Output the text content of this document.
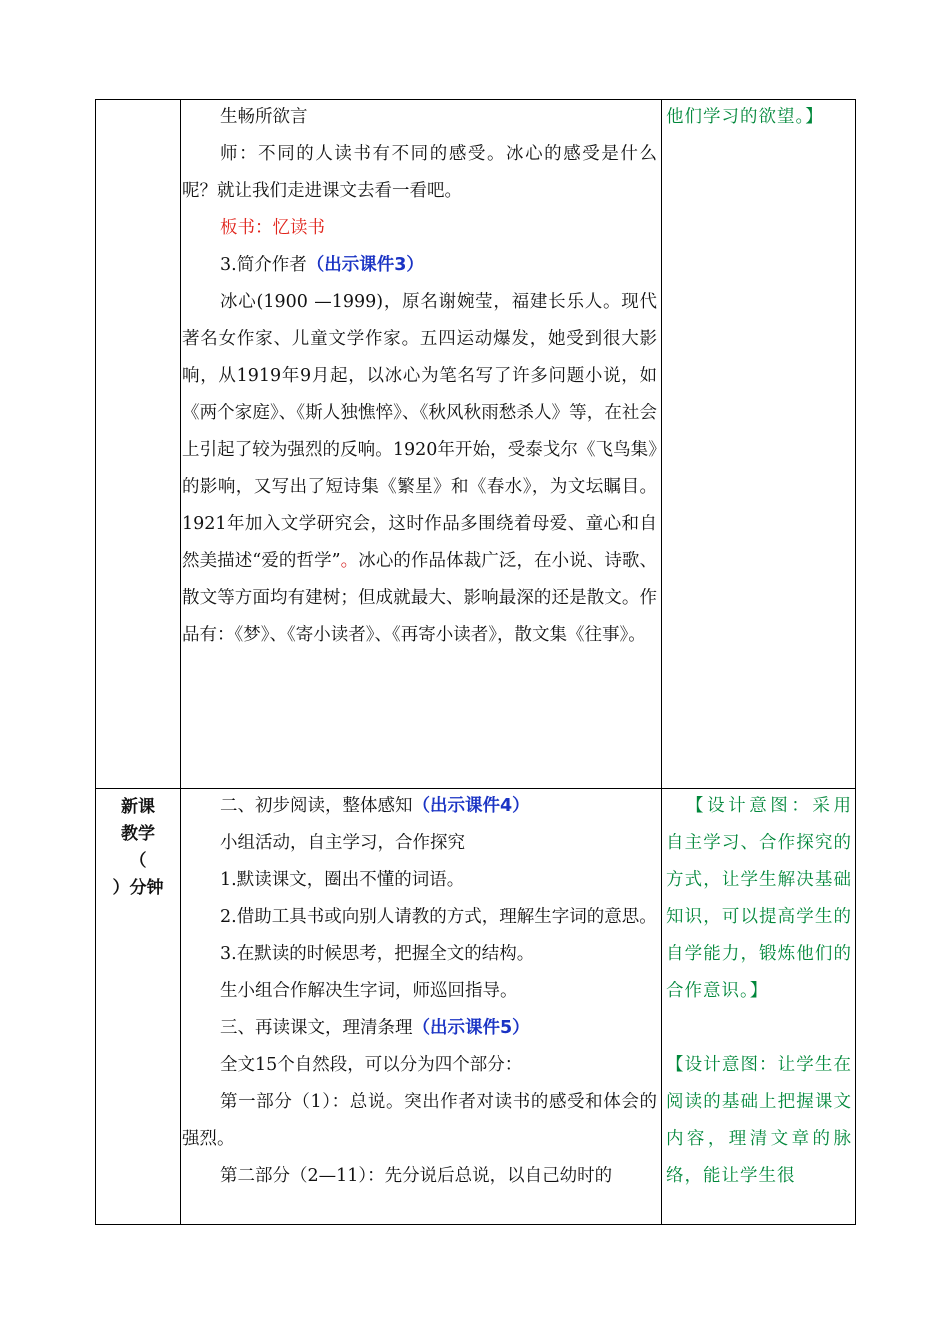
生畅所欲言

师：不同的人读书有不同的感受。冰心的感受是什么呢？就让我们走进课文去看一看吧。

板书：忆读书

3.简介作者（出示课件3）

冰心(1900 —1999)，原名谢婉莹，福建长乐人。现代著名女作家、儿童文学作家。五四运动爆发，她受到很大影响，从1919年9月起，以冰心为笔名写了许多问题小说，如《两个家庭》、《斯人独憔悴》、《秋风秋雨愁杀人》等，在社会上引起了较为强烈的反响。1920年开始，受泰戈尔《飞鸟集》的影响，又写出了短诗集《繁星》和《春水》，为文坛瞩目。1921年加入文学研究会，这时作品多围绕着母爱、童心和自然美描述“爱的哲学”。冰心的作品体裁广泛，在小说、诗歌、散文等方面均有建树；但成就最大、影响最深的还是散文。作品有：《梦》、《寄小读者》、《再寄小读者》，散文集《往事》。

他们学习的欲望。】

新课
教学
（
）分钟

二、初步阅读，整体感知（出示课件4）

小组活动，自主学习，合作探究

1.默读课文，圈出不懂的词语。

2.借助工具书或向别人请教的方式，理解生字词的意思。

3.在默读的时候思考，把握全文的结构。

生小组合作解决生字词，师巡回指导。

三、再读课文，理清条理（出示课件5）

全文15个自然段，可以分为四个部分：

第一部分（1）：总说。突出作者对读书的感受和体会的强烈。

第二部分（2—11）：先分说后总说，以自己幼时的

【设计意图：采用自主学习、合作探究的方式，让学生解决基础知识，可以提高学生的自学能力，锻炼他们的合作意识。】

【设计意图：让学生在阅读的基础上把握课文内容，理清文章的脉络，能让学生很
